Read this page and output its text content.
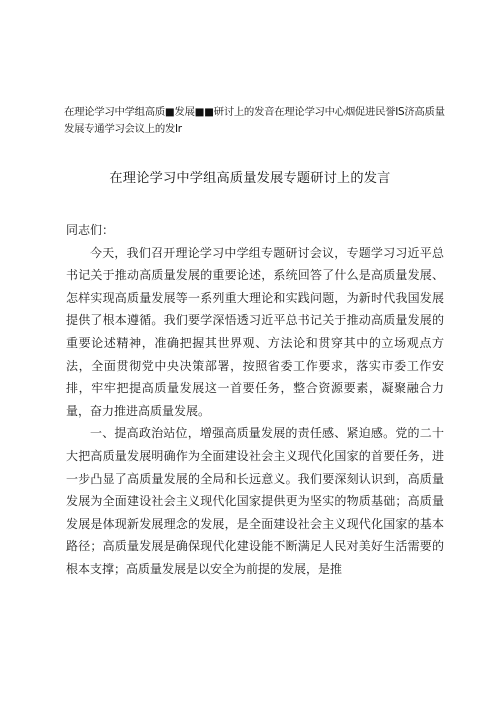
在理论学习中学组高质■发展■■研讨上的发音在理论学习中心烟促进民誉IS济高质量发展专通学习会议上的发Ir
在理论学习中学组高质量发展专题研讨上的发言

同志们：

今天，我们召开理论学习中学组专题研讨会议，专题学习习近平总书记关于推动高质量发展的重要论述，系统回答了什么是高质量发展、怎样实现高质量发展等一系列重大理论和实践问题，为新时代我国发展提供了根本遵循。我们要学深悟透习近平总书记关于推动高质量发展的重要论述精神，准确把握其世界观、方法论和贯穿其中的立场观点方法，全面贯彻党中央决策部署，按照省委工作要求，落实市委工作安排，牢牢把提高质量发展这一首要任务，整合资源要素，凝聚融合力量，奋力推进高质量发展。

一、提高政治站位，增强高质量发展的责任感、紧迫感。党的二十大把高质量发展明确作为全面建设社会主义现代化国家的首要任务，进一步凸显了高质量发展的全局和长远意义。我们要深刻认识到，高质量发展为全面建设社会主义现代化国家提供更为坚实的物质基础；高质量发展是体现新发展理念的发展，是全面建设社会主义现代化国家的基本路径；高质量发展是确保现代化建设能不断满足人民对美好生活需要的根本支撑；高质量发展是以安全为前提的发展，是推
